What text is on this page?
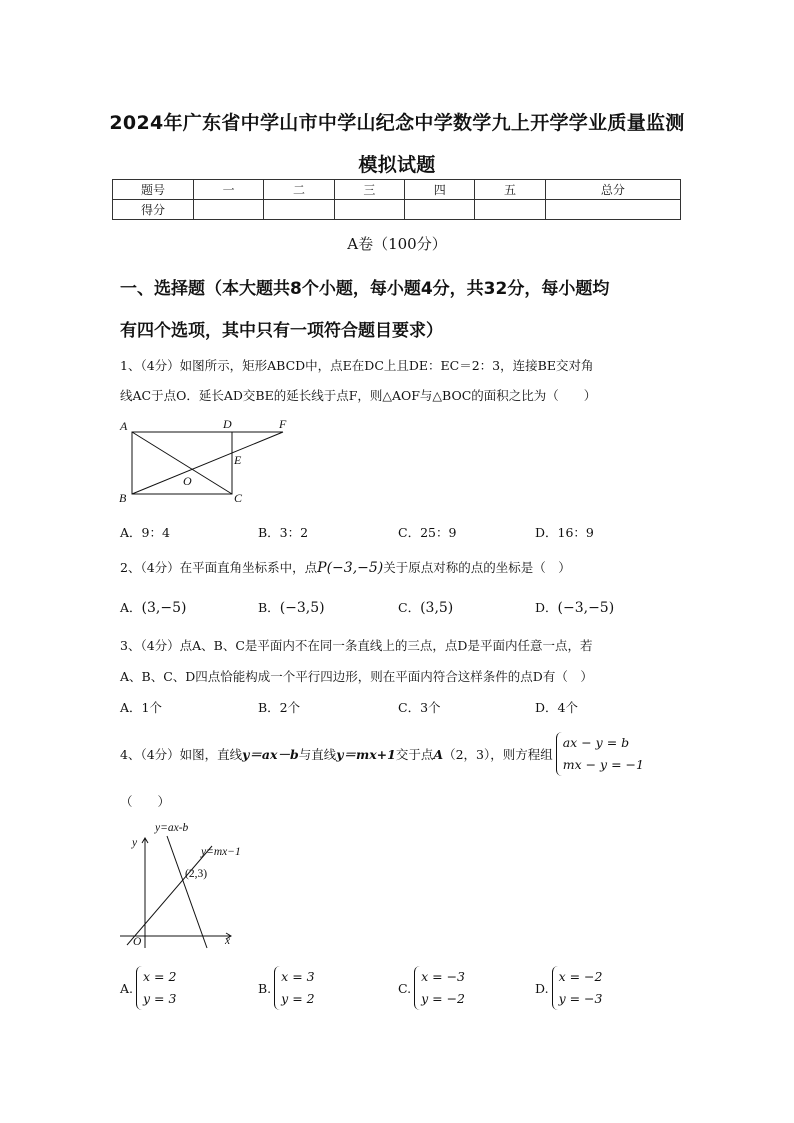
2024年广东省中学山市中学山纪念中学数学九上开学学业质量监测
模拟试题
题号	一	二	三	四	五	总分
得分						
A卷（100分）
一、选择题（本大题共8个小题，每小题4分，共32分，每小题均
有四个选项，其中只有一项符合题目要求）
1、（4分）如图所示，矩形ABCD中，点E在DC上且DE：EC＝2：3，连接BE交对角
线AC于点O．延长AD交BE的延长线于点F，则△AOF与△BOC的面积之比为（　　）
A	D	F
E
O
B	C
A．9：4	B．3：2	C．25：9	D．16：9
2、（4分）在平面直角坐标系中，点P(−3,−5)关于原点对称的点的坐标是（　）
A．(3,−5)	B．(−3,5)	C．(3,5)	D．(−3,−5)
3、（4分）点A、B、C是平面内不在同一条直线上的三点，点D是平面内任意一点，若
A、B、C、D四点恰能构成一个平行四边形，则在平面内符合这样条件的点D有（　）
A．1个	B．2个	C．3个	D．4个
4、（4分）如图，直线 y＝ax－b 与直线 y＝mx+1 交于点 A （2，3），则方程组
ax − y = b
mx − y = −1
（　　）
y
x
O
y=ax-b
y=mx−1
(2,3)
A.
x = 2
y = 3
B.
x = 3
y = 2
C.
x = −3
y = −2
D.
x = −2
y = −3
